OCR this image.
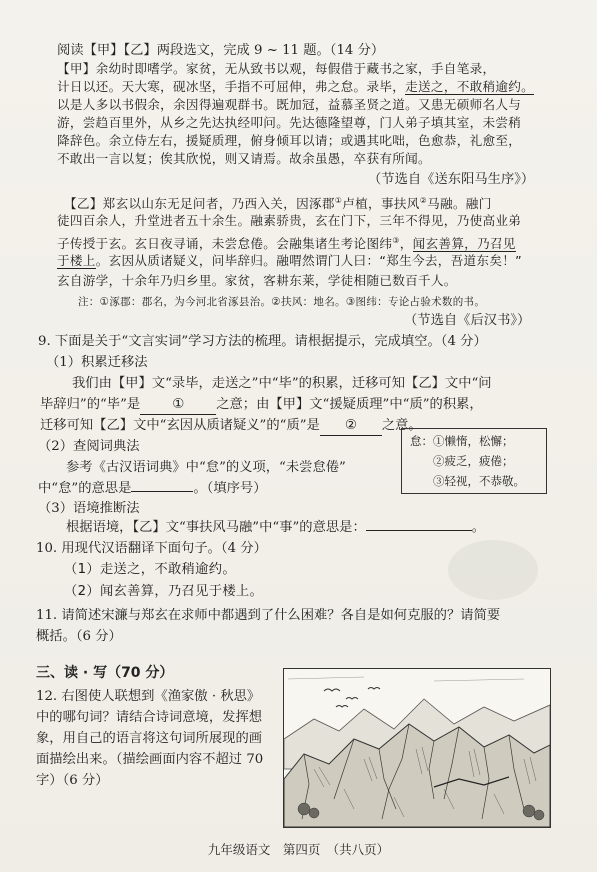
阅读【甲】【乙】两段选文，完成 9 ~ 11 题。（14 分）
【甲】余幼时即嗜学。家贫，无从致书以观，每假借于藏书之家，手自笔录，
计日以还。天大寒，砚冰坚，手指不可屈伸，弗之怠。录毕，走送之，不敢稍逾约。
以是人多以书假余，余因得遍观群书。既加冠，益慕圣贤之道。又患无硕师名人与
游，尝趋百里外，从乡之先达执经叩问。先达德隆望尊，门人弟子填其室，未尝稍
降辞色。余立侍左右，援疑质理，俯身倾耳以请；或遇其叱咄，色愈恭，礼愈至，
不敢出一言以复；俟其欣悦，则又请焉。故余虽愚，卒获有所闻。
（节选自《送东阳马生序》）
【乙】郑玄以山东无足问者，乃西入关，因涿郡①卢植，事扶风②马融。融门
徒四百余人，升堂进者五十余生。融素骄贵，玄在门下，三年不得见，乃使高业弟
子传授于玄。玄日夜寻诵，未尝怠倦。会融集诸生考论图纬③，闻玄善算，乃召见
于楼上。玄因从质诸疑义，问毕辞归。融喟然谓门人曰：“郑生今去，吾道东矣！”
玄自游学，十余年乃归乡里。家贫，客耕东莱，学徒相随已数百千人。
注：①涿郡：郡名，为今河北省涿县治。②扶风：地名。③图纬：专论占验术数的书。
（节选自《后汉书》）
9. 下面是关于“文言实词”学习方法的梳理。请根据提示，完成填空。（4 分）
（1）积累迁移法
我们由【甲】文“录毕，走送之”中“毕”的积累，迁移可知【乙】文中“问
毕辞归”的“毕”是 ① 之意；由【甲】文“援疑质理”中“质”的积累，
迁移可知【乙】文中“玄因从质诸疑义”的“质”是 ② 之意。
（2）查阅词典法
参考《古汉语词典》中“怠”的义项，“未尝怠倦”
中“怠”的意思是	。（填序号）
怠：①懒惰，松懈；
②疲乏，疲倦；
③轻视，不恭敬。
（3）语境推断法
根据语境，【乙】文“事扶风马融”中“事”的意思是：	。
10. 用现代汉语翻译下面句子。（4 分）
（1）走送之，不敢稍逾约。
（2）闻玄善算，乃召见于楼上。
11. 请简述宋濂与郑玄在求师中都遇到了什么困难？各自是如何克服的？请简要
概括。（6 分）
三、读 · 写（70 分）
12. 右图使人联想到《渔家傲 · 秋思》
中的哪句词？请结合诗词意境，发挥想
象，用自己的语言将这句词所展现的画
面描绘出来。（描绘画面内容不超过 70
字）（6 分）
九年级语文　第四页　（共八页）
